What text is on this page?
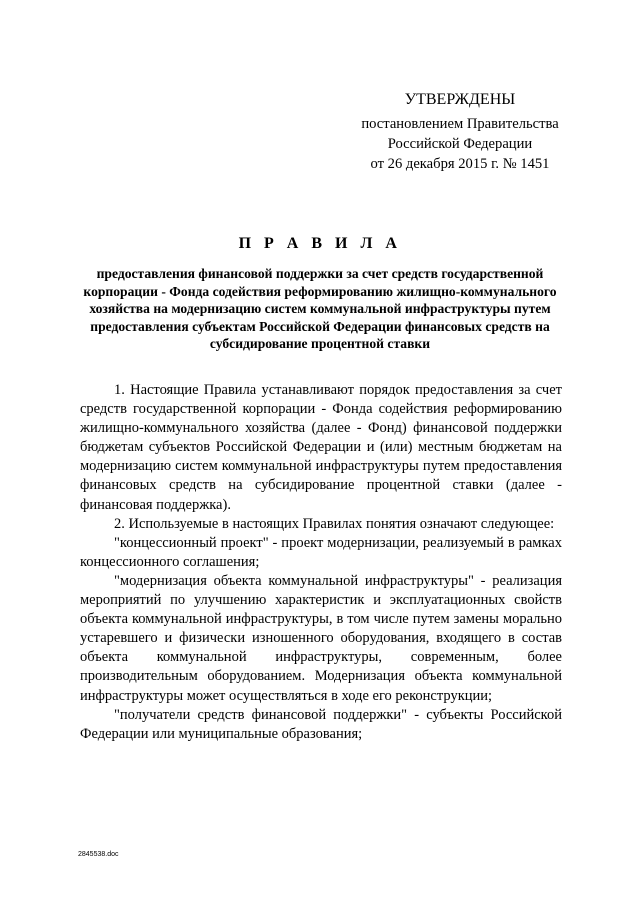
УТВЕРЖДЕНЫ
постановлением Правительства
Российской Федерации
от 26 декабря 2015 г. № 1451
П Р А В И Л А
предоставления финансовой поддержки за счет средств государственной корпорации - Фонда содействия реформированию жилищно-коммунального хозяйства на модернизацию систем коммунальной инфраструктуры путем предоставления субъектам Российской Федерации финансовых средств на субсидирование процентной ставки

1. Настоящие Правила устанавливают порядок предоставления за счет средств государственной корпорации - Фонда содействия реформированию жилищно-коммунального хозяйства (далее - Фонд) финансовой поддержки бюджетам субъектов Российской Федерации и (или) местным бюджетам на модернизацию систем коммунальной инфраструктуры путем предоставления финансовых средств на субсидирование процентной ставки (далее - финансовая поддержка).

2. Используемые в настоящих Правилах понятия означают следующее:

"концессионный проект" - проект модернизации, реализуемый в рамках концессионного соглашения;

"модернизация объекта коммунальной инфраструктуры" - реализация мероприятий по улучшению характеристик и эксплуатационных свойств объекта коммунальной инфраструктуры, в том числе путем замены морально устаревшего и физически изношенного оборудования, входящего в состав объекта коммунальной инфраструктуры, современным, более производительным оборудованием. Модернизация объекта коммунальной инфраструктуры может осуществляться в ходе его реконструкции;

"получатели средств финансовой поддержки" - субъекты Российской Федерации или муниципальные образования;

2845538.doc
